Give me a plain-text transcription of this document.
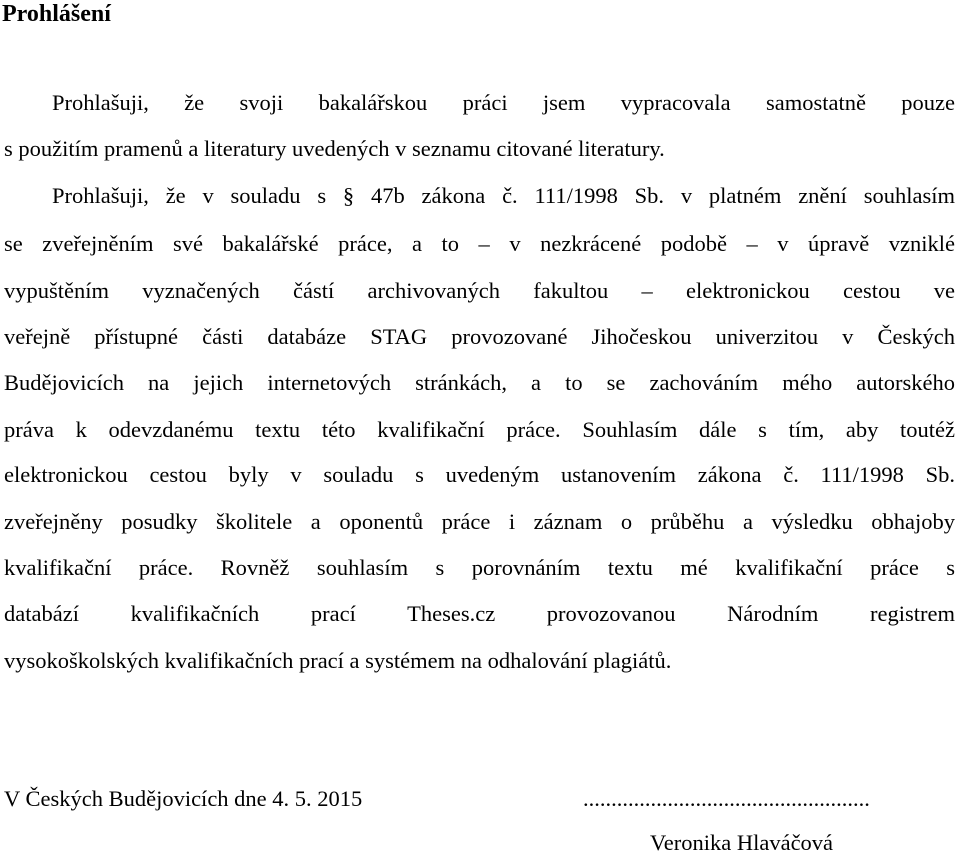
Prohlášení
Prohlašuji, že svoji bakalářskou práci jsem vypracovala samostatně pouze
s použitím pramenů a literatury uvedených v seznamu citované literatury.
Prohlašuji, že v souladu s § 47b zákona č. 111/1998 Sb. v platném znění souhlasím
se zveřejněním své bakalářské práce, a to – v nezkrácené podobě – v úpravě vzniklé
vypuštěním vyznačených částí archivovaných fakultou – elektronickou cestou ve
veřejně přístupné části databáze STAG provozované Jihočeskou univerzitou v Českých
Budějovicích na jejich internetových stránkách, a to se zachováním mého autorského
práva k odevzdanému textu této kvalifikační práce. Souhlasím dále s tím, aby toutéž
elektronickou cestou byly v souladu s uvedeným ustanovením zákona č. 111/1998 Sb.
zveřejněny posudky školitele a oponentů práce i záznam o průběhu a výsledku obhajoby
kvalifikační práce. Rovněž souhlasím s porovnáním textu mé kvalifikační práce s
databází kvalifikačních prací Theses.cz provozovanou Národním registrem
vysokoškolských kvalifikačních prací a systémem na odhalování plagiátů.
V Českých Budějovicích dne 4. 5. 2015	...................................................
Veronika Hlaváčová
